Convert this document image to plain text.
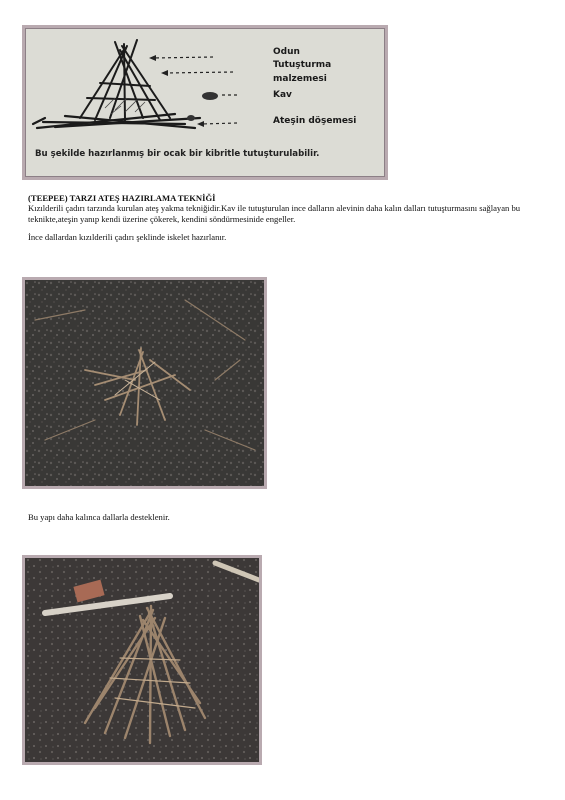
Odun
Tutuşturma
malzemesi
Kav
Ateşin döşemesi
Bu şekilde hazırlanmış bir ocak bir kibritle tutuşturulabilir.
(TEEPEE) TARZI ATEŞ HAZIRLAMA TEKNİĞİ

Kızılderili çadırı tarzında kurulan ateş yakma tekniğidir.Kav ile tutuşturulan ince dalların alevinin daha kalın dalları tutuşturmasını sağlayan bu teknikte,ateşin yanıp kendi üzerine çökerek, kendini söndürmesinide engeller.

İnce dallardan kızılderili çadırı şeklinde iskelet hazırlanır.
Bu yapı daha kalınca dallarla desteklenir.
